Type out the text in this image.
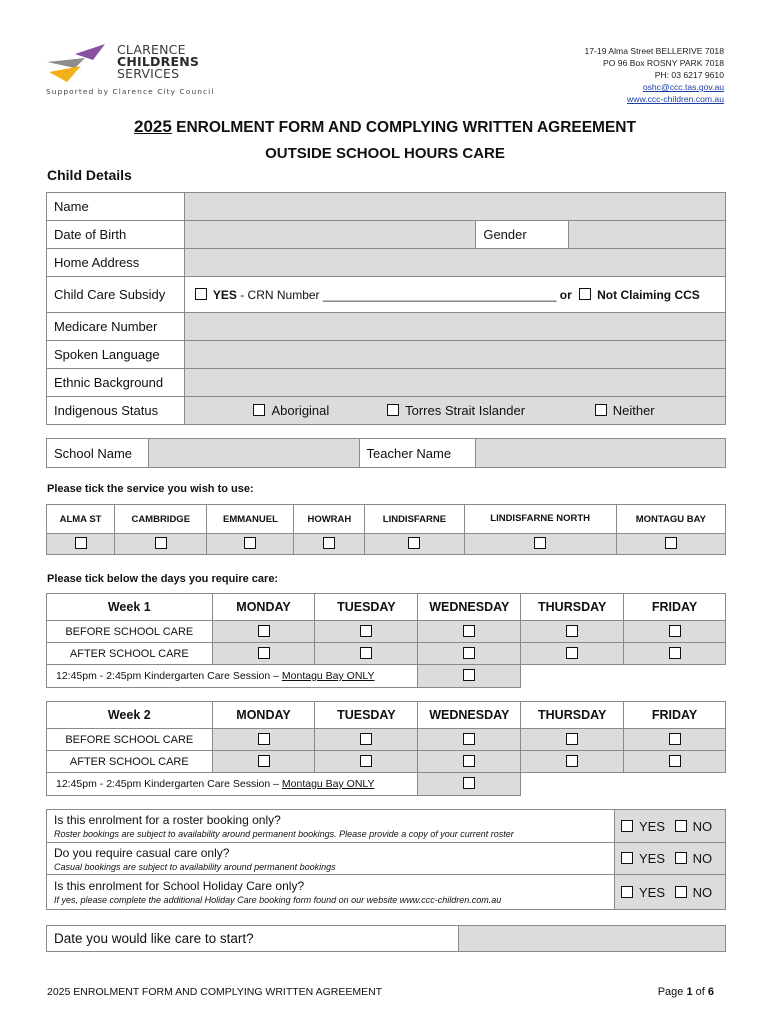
CLARENCE
CHILDRENS
SERVICES
Supported by Clarence City Council
17-19 Alma Street BELLERIVE 7018
PO 96 Box ROSNY PARK 7018
PH: 03 6217 9610
oshc@ccc.tas.gov.au
www.ccc-children.com.au
2025 ENROLMENT FORM AND COMPLYING WRITTEN AGREEMENT
OUTSIDE SCHOOL HOURS CARE
Child Details
Name			
Date of Birth		Gender	
Home Address			
Child Care Subsidy	YES - CRN Number ___________________________________ or Not Claiming CCS		
Medicare Number			
Spoken Language			
Ethnic Background			
Indigenous Status	Aboriginal Torres Strait Islander Neither		
School Name		Teacher Name	
Please tick the service you wish to use:
ALMA ST	CAMBRIDGE	EMMANUEL	HOWRAH	LINDISFARNE	LINDISFARNE NORTH	MONTAGU BAY

Please tick below the days you require care:
Week 1	MONDAY	TUESDAY	WEDNESDAY	THURSDAY	FRIDAY
BEFORE SCHOOL CARE					
AFTER SCHOOL CARE					
12:45pm - 2:45pm Kindergarten Care Session – Montagu Bay ONLY					
Week 2	MONDAY	TUESDAY	WEDNESDAY	THURSDAY	FRIDAY
BEFORE SCHOOL CARE					
AFTER SCHOOL CARE					
12:45pm - 2:45pm Kindergarten Care Session – Montagu Bay ONLY					
Is this enrolment for a roster booking only?
Roster bookings are subject to availability around permanent bookings. Please provide a copy of your current roster	YES NO

Do you require casual care only?
Casual bookings are subject to availability around permanent bookings	YES NO

Is this enrolment for School Holiday Care only?
If yes, please complete the additional Holiday Care booking form found on our website www.ccc-children.com.au	YES NO
Date you would like care to start?	
2025 ENROLMENT FORM AND COMPLYING WRITTEN AGREEMENT	Page 1 of 6
